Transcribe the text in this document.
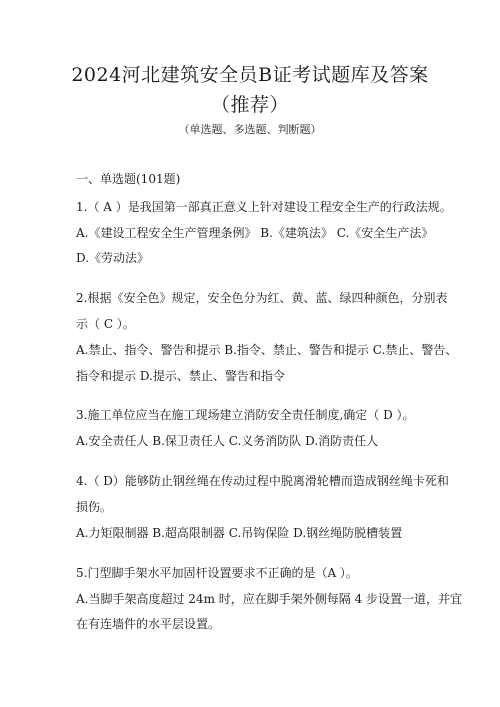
2024河北建筑安全员B证考试题库及答案
（推荐）
（单选题、多选题、判断题）
一、单选题(101题)
1.（ A ）是我国第一部真正意义上针对建设工程安全生产的行政法规。
A.《建设工程安全生产管理条例》 B.《建筑法》 C.《安全生产法》
D.《劳动法》
2.根据《安全色》规定，安全色分为红、黄、蓝、绿四种颜色，分别表
示（ C ）。
A.禁止、指令、警告和提示 B.指令、禁止、警告和提示 C.禁止、警告、
指令和提示 D.提示、禁止、警告和指令
3.施工单位应当在施工现场建立消防安全责任制度,确定（ D ）。
A.安全责任人 B.保卫责任人 C.义务消防队 D.消防责任人
4.（ D）能够防止钢丝绳在传动过程中脱离滑轮槽而造成钢丝绳卡死和
损伤。
A.力矩限制器 B.超高限制器 C.吊钩保险 D.钢丝绳防脱槽装置
5.门型脚手架水平加固杆设置要求不正确的是（A ）。
A.当脚手架高度超过 24m 时，应在脚手架外侧每隔 4 步设置一道，并宜
在有连墙件的水平层设置。
